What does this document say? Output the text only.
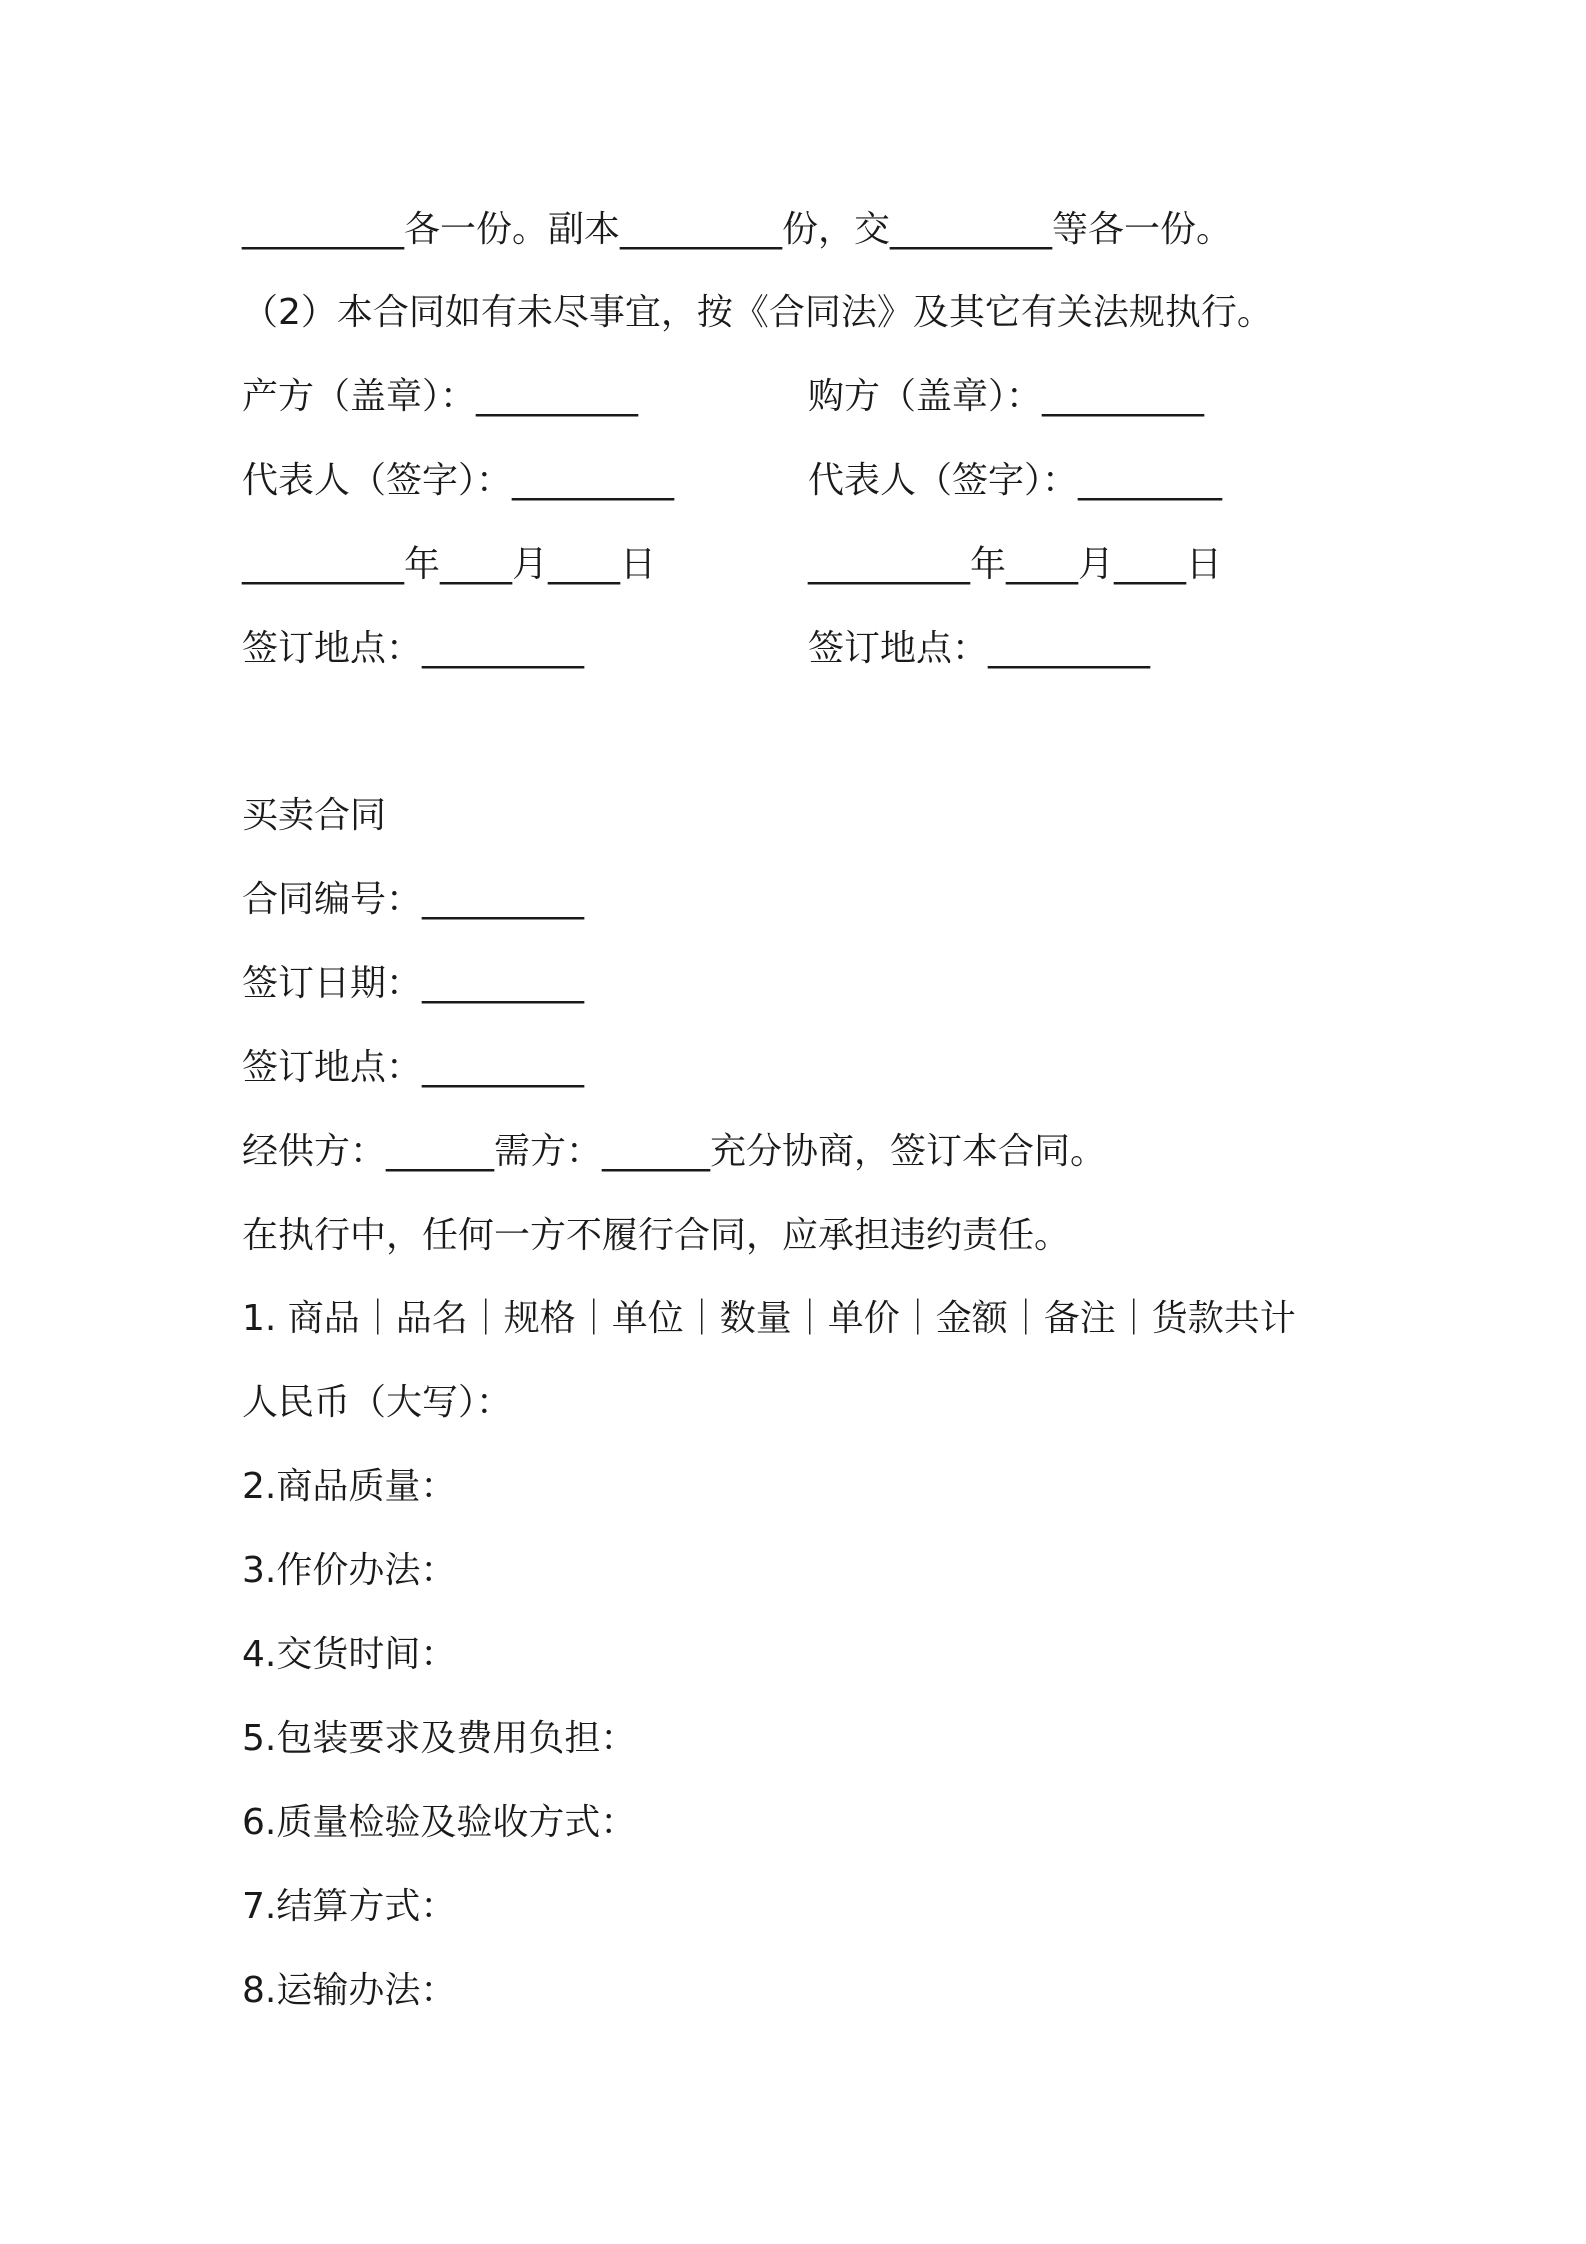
_________各一份。副本_________份，交_________等各一份。
（2）本合同如有未尽事宜，按《合同法》及其它有关法规执行。
产方（盖章）：_________	购方（盖章）：_________
代表人（签字）：_________	代表人（签字）：________
_________年____月____日	_________年____月____日
签订地点：_________	签订地点：_________
买卖合同
合同编号：_________
签订日期：_________
签订地点：_________
经供方：______需方：______充分协商，签订本合同。
在执行中，任何一方不履行合同，应承担违约责任。
1. 商品｜品名｜规格｜单位｜数量｜单价｜金额｜备注｜货款共计
人民币（大写）：
2.商品质量：
3.作价办法：
4.交货时间：
5.包装要求及费用负担：
6.质量检验及验收方式：
7.结算方式：
8.运输办法：
